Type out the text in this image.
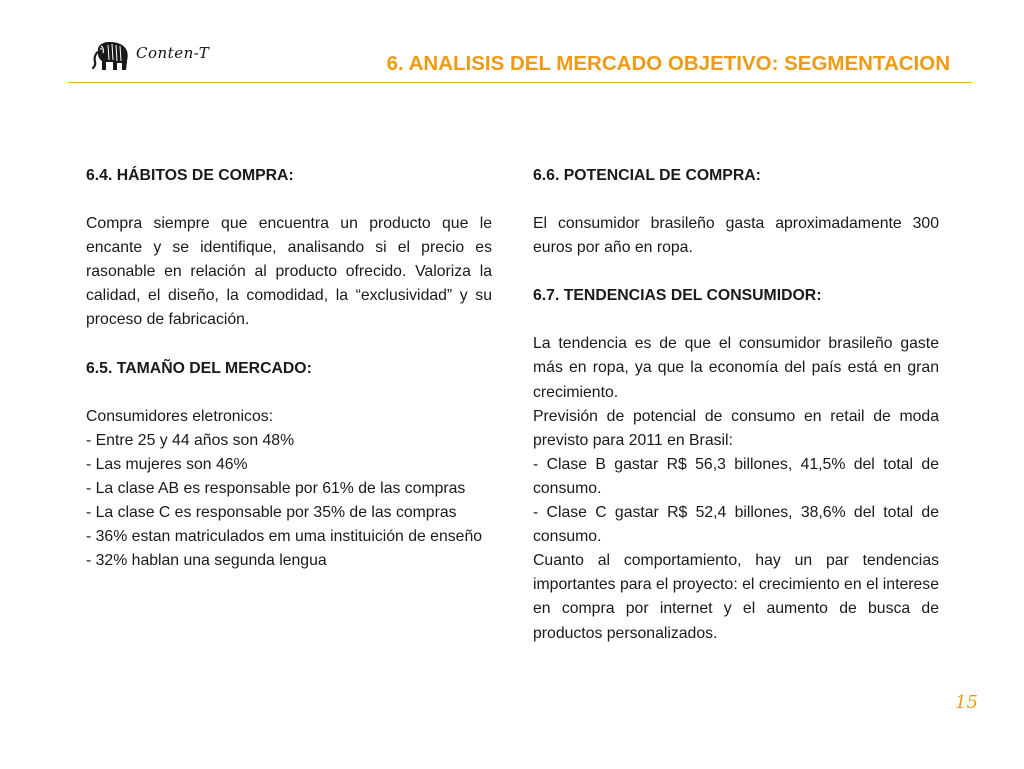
Conten-T	6. ANALISIS DEL MERCADO OBJETIVO: SEGMENTACION

6.4. HÁBITOS DE COMPRA:

Compra siempre que encuentra un producto que le encante y se identifique, analisando si el precio es rasonable en relación al producto ofrecido. Valoriza la calidad, el diseño, la comodidad, la “exclusividad” y su proceso de fabricación.

6.5. TAMAÑO DEL MERCADO:

Consumidores eletronicos:

- Entre 25 y 44 años son 48%

- Las mujeres son 46%

- La clase AB es responsable por 61% de las compras

- La clase C es responsable por 35% de las compras

- 36% estan matriculados em uma instituición de enseño

- 32% hablan una segunda lengua

6.6. POTENCIAL DE COMPRA:

El consumidor brasileño gasta aproximadamente 300 euros por año en ropa.

6.7. TENDENCIAS DEL CONSUMIDOR:

La tendencia es de que el consumidor brasileño gaste más en ropa, ya que la economía del país está en gran crecimiento.

Previsión de potencial de consumo en retail de moda previsto para 2011 en Brasil:

- Clase B gastar R$ 56,3 billones, 41,5% del total de consumo.

- Clase C gastar R$ 52,4 billones, 38,6% del total de consumo.

Cuanto al comportamiento, hay un par tendencias importantes para el proyecto: el crecimiento en el interese en compra por internet y el aumento de busca de productos personalizados.

15
